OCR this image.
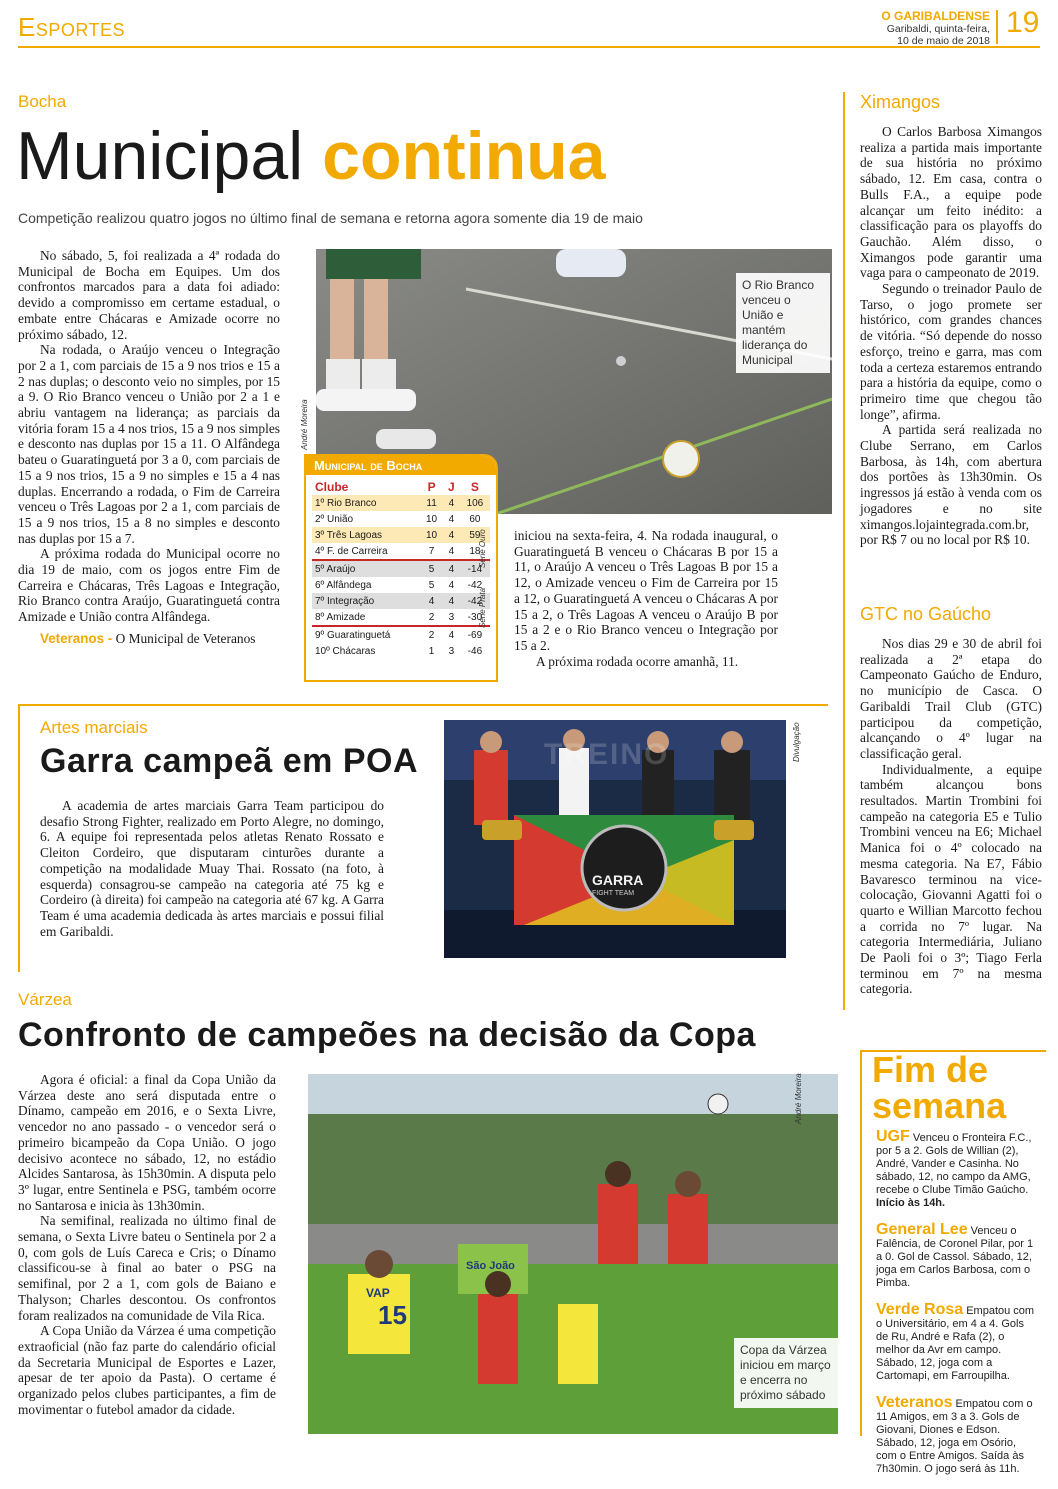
Esportes	O GARIBALDENSE
Garibaldi, quinta-feira,
10 de maio de 2018
19
Bocha
Municipal continua
Competição realizou quatro jogos no último final de semana e retorna agora somente dia 19 de maio

No sábado, 5, foi realizada a 4ª rodada do Municipal de Bocha em Equipes. Um dos confrontos marcados para a data foi adiado: devido a compromisso em certame estadual, o embate entre Chácaras e Amizade ocorre no próximo sábado, 12.

Na rodada, o Araújo venceu o Integração por 2 a 1, com parciais de 15 a 9 nos trios e 15 a 2 nas duplas; o desconto veio no simples, por 15 a 9. O Rio Branco venceu o União por 2 a 1 e abriu vantagem na liderança; as parciais da vitória foram 15 a 4 nos trios, 15 a 9 nos simples e desconto nas duplas por 15 a 11. O Alfândega bateu o Guaratinguetá por 3 a 0, com parciais de 15 a 9 nos trios, 15 a 9 no simples e 15 a 4 nas duplas. Encerrando a rodada, o Fim de Carreira venceu o Três Lagoas por 2 a 1, com parciais de 15 a 9 nos trios, 15 a 8 no simples e desconto nas duplas por 15 a 7.

A próxima rodada do Municipal ocorre no dia 19 de maio, com os jogos entre Fim de Carreira e Chácaras, Três Lagoas e Integração, Rio Branco contra Araújo, Guaratinguetá contra Amizade e União contra Alfândega.

Veteranos - O Municipal de Veteranos

André Moreira
O Rio Branco venceu o União e mantém liderança do Municipal
Municipal de Bocha
Clube	P	J	S
1º Rio Branco	11	4	106
2º União	10	4	60
3º Três Lagoas	10	4	59
4º F. de Carreira	7	4	18
5º Araújo	5	4	-14
6º Alfândega	5	4	-42
7º Integração	4	4	-42
8º Amizade	2	3	-30
9º Guaratinguetá	2	4	-69
10º Chácaras	1	3	-46
Série Ouro
Série Prata

iniciou na sexta-feira, 4. Na rodada inaugural, o Guaratinguetá B venceu o Chácaras B por 15 a 11, o Araújo A venceu o Três Lagoas B por 15 a 12, o Amizade venceu o Fim de Carreira por 15 a 12, o Guaratinguetá A venceu o Chácaras A por 15 a 2, o Três Lagoas A venceu o Araújo B por 15 a 2 e o Rio Branco venceu o Integração por 15 a 2.

A próxima rodada ocorre amanhã, 11.

Ximangos

O Carlos Barbosa Ximangos realiza a partida mais importante de sua história no próximo sábado, 12. Em casa, contra o Bulls F.A., a equipe pode alcançar um feito inédito: a classificação para os playoffs do Gauchão. Além disso, o Ximangos pode garantir uma vaga para o campeonato de 2019.

Segundo o treinador Paulo de Tarso, o jogo promete ser histórico, com grandes chances de vitória. “Só depende do nosso esforço, treino e garra, mas com toda a certeza estaremos entrando para a história da equipe, como o primeiro time que chegou tão longe”, afirma.

A partida será realizada no Clube Serrano, em Carlos Barbosa, às 14h, com abertura dos portões às 13h30min. Os ingressos já estão à venda com os jogadores e no site ximangos.lojaintegrada.com.br, por R$ 7 ou no local por R$ 10.

GTC no Gaúcho

Nos dias 29 e 30 de abril foi realizada a 2ª etapa do Campeonato Gaúcho de Enduro, no município de Casca. O Garibaldi Trail Club (GTC) participou da competição, alcançando o 4º lugar na classificação geral.

Individualmente, a equipe também alcançou bons resultados. Martin Trombini foi campeão na categoria E5 e Tulio Trombini venceu na E6; Michael Manica foi o 4º colocado na mesma categoria. Na E7, Fábio Bavaresco terminou na vice-colocação, Giovanni Agatti foi o quarto e Willian Marcotto fechou a corrida no 7º lugar. Na categoria Intermediária, Juliano De Paoli foi o 3º; Tiago Ferla terminou em 7º na mesma categoria.

Artes marciais
Garra campeã em POA

A academia de artes marciais Garra Team participou do desafio Strong Fighter, realizado em Porto Alegre, no domingo, 6. A equipe foi representada pelos atletas Renato Rossato e Cleiton Cordeiro, que disputaram cinturões durante a competição na modalidade Muay Thai. Rossato (na foto, à esquerda) consagrou-se campeão na categoria até 75 kg e Cordeiro (à direita) foi campeão na categoria até 67 kg. A Garra Team é uma academia dedicada às artes marciais e possui filial em Garibaldi.

TREINO
GARRA
FIGHT TEAM
Divulgação
Várzea
Confronto de campeões na decisão da Copa

Agora é oficial: a final da Copa União da Várzea deste ano será disputada entre o Dínamo, campeão em 2016, e o Sexta Livre, vencedor no ano passado - o vencedor será o primeiro bicampeão da Copa União. O jogo decisivo acontece no sábado, 12, no estádio Alcides Santarosa, às 15h30min. A disputa pelo 3º lugar, entre Sentinela e PSG, também ocorre no Santarosa e inicia às 13h30min.

Na semifinal, realizada no último final de semana, o Sexta Livre bateu o Sentinela por 2 a 0, com gols de Luís Careca e Cris; o Dínamo classificou-se à final ao bater o PSG na semifinal, por 2 a 1, com gols de Baiano e Thalyson; Charles descontou. Os confrontos foram realizados na comunidade de Vila Rica.

A Copa União da Várzea é uma competição extraoficial (não faz parte do calendário oficial da Secretaria Municipal de Esportes e Lazer, apesar de ter apoio da Pasta). O certame é organizado pelos clubes participantes, a fim de movimentar o futebol amador da cidade.

VAP
15
São João
André Moreira
Copa da Várzea iniciou em março e encerra no próximo sábado
Fim de
semana
UGF Venceu o Fronteira F.C., por 5 a 2. Gols de Willian (2), André, Vander e Casinha. No sábado, 12, no campo da AMG, recebe o Clube Timão Gaúcho. Início às 14h.
General Lee Venceu o Falência, de Coronel Pilar, por 1 a 0. Gol de Cassol. Sábado, 12, joga em Carlos Barbosa, com o Pimba.
Verde Rosa Empatou com o Universitário, em 4 a 4. Gols de Ru, André e Rafa (2), o melhor da Avr em campo. Sábado, 12, joga com a Cartomapi, em Farroupilha.
Veteranos Empatou com o 11 Amigos, em 3 a 3. Gols de Giovani, Diones e Edson. Sábado, 12, joga em Osório, com o Entre Amigos. Saída às 7h30min. O jogo será às 11h.
